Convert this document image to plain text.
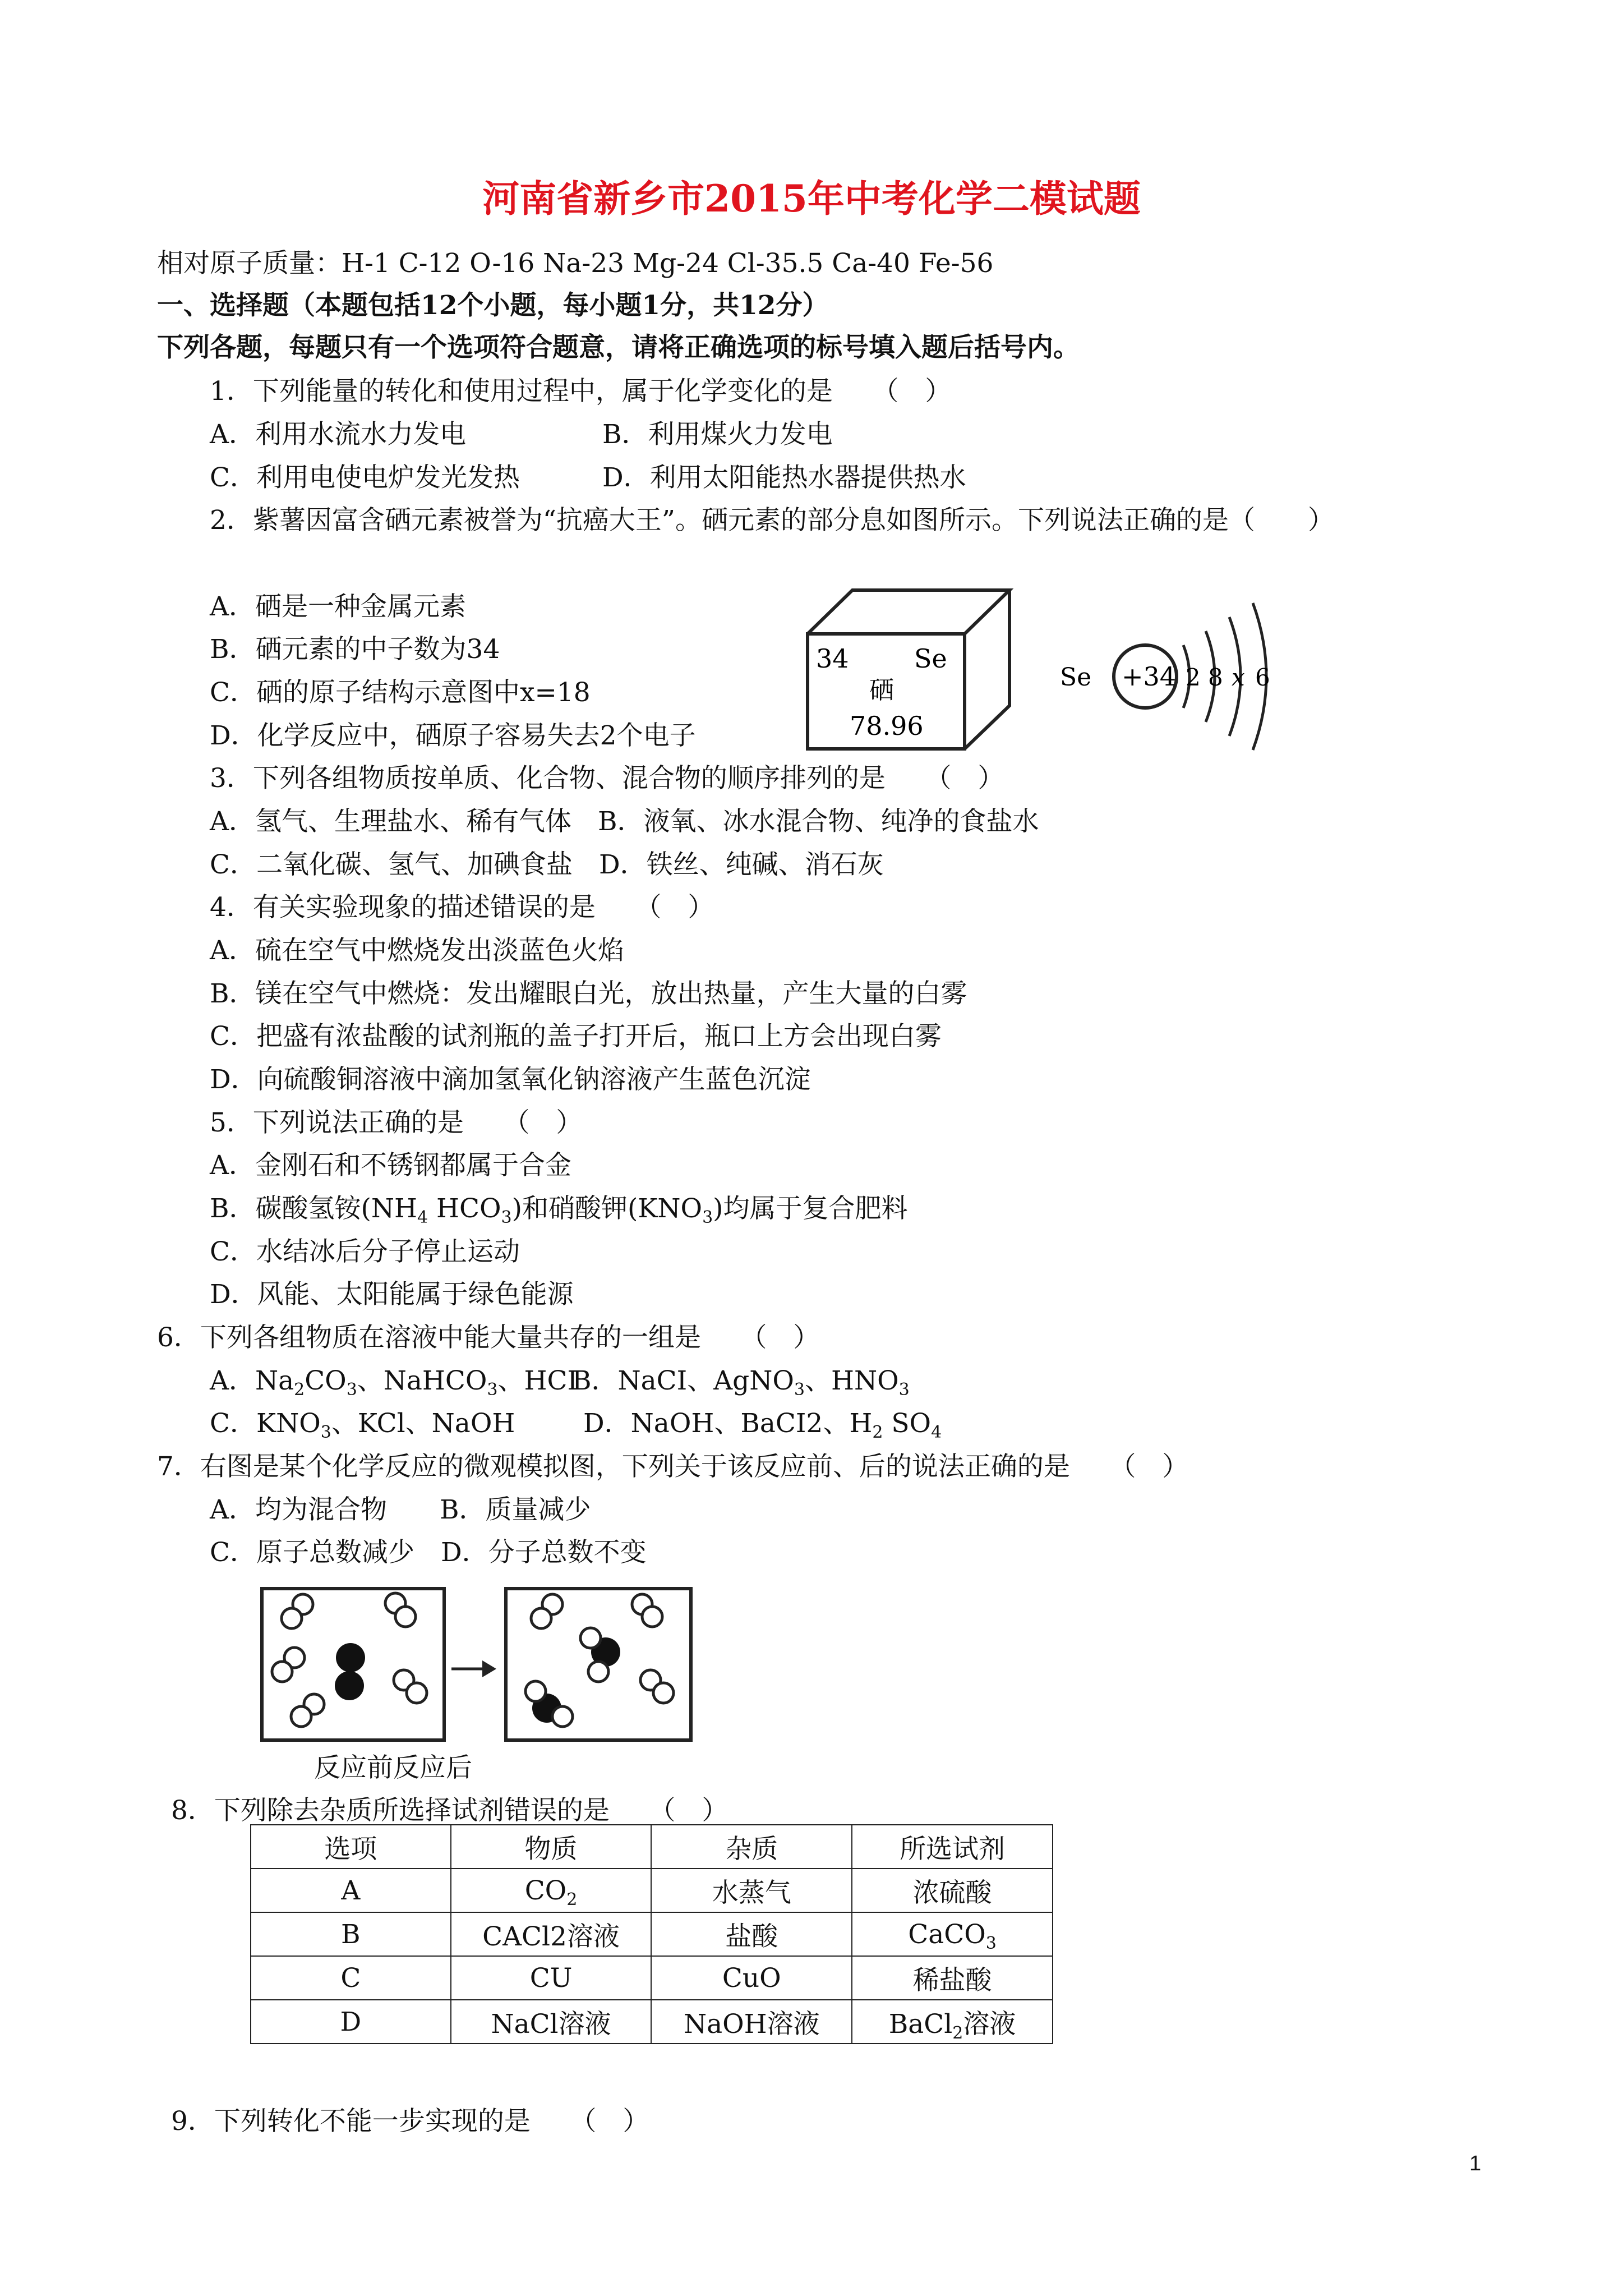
河南省新乡市2015年中考化学二模试题
相对原子质量：H-1 C-12 O-16 Na-23 Mg-24 Cl-35.5 Ca-40 Fe-56
一、选择题（本题包括12个小题，每小题1分，共12分）
下列各题，每题只有一个选项符合题意，请将正确选项的标号填入题后括号内。
1．下列能量的转化和使用过程中，属于化学变化的是　　（　）
A．利用水流水力发电	B．利用煤火力发电
C．利用电使电炉发光发热	D．利用太阳能热水器提供热水
2．紫薯因富含硒元素被誉为“抗癌大王”。硒元素的部分息如图所示。下列说法正确的是（　　）
A．硒是一种金属元素
B．硒元素的中子数为34
C．硒的原子结构示意图中x=18
D．化学反应中，硒原子容易失去2个电子
34	Se
硒
78.96
Se +34 2 8 x 6
3．下列各组物质按单质、化合物、混合物的顺序排列的是　　（　）
A．氢气、生理盐水、稀有气体　B．液氧、冰水混合物、纯净的食盐水
C．二氧化碳、氢气、加碘食盐　D．铁丝、纯碱、消石灰
4．有关实验现象的描述错误的是　　（　）
A．硫在空气中燃烧发出淡蓝色火焰
B．镁在空气中燃烧：发出耀眼白光，放出热量，产生大量的白雾
C．把盛有浓盐酸的试剂瓶的盖子打开后，瓶口上方会出现白雾
D．向硫酸铜溶液中滴加氢氧化钠溶液产生蓝色沉淀
5．下列说法正确的是　　（　）
A．金刚石和不锈钢都属于合金
B．碳酸氢铵($NH_4$ $HCO_3$)和硝酸钾$(KNO_3)$均属于复合肥料
C．水结冰后分子停止运动
D．风能、太阳能属于绿色能源
6．下列各组物质在溶液中能大量共存的一组是　　（　）
A．$Na_2CO_3$、NaHCO$_3$、HCI
B．NaCI、AgNO$_3$、$HNO_3$
C．$KNO_3$、KCl、NaOH	D．NaOH、BaCI2、$H_2$ $SO_4$
7．右图是某个化学反应的微观模拟图，下列关于该反应前、后的说法正确的是　　（　）
A．均为混合物　　B．质量减少
C．原子总数减少　D．分子总数不变
反应前反应后
8．下列除去杂质所选择试剂错误的是　　（　）
选项	物质	杂质	所选试剂
A	$CO_2$	水蒸气	浓硫酸
B	CACl2溶液	盐酸	CaCO$_3$
C	CU	CuO	稀盐酸
D	NaCl溶液	NaOH溶液	BaCl$_2$溶液
9．下列转化不能一步实现的是　　（　）
1
